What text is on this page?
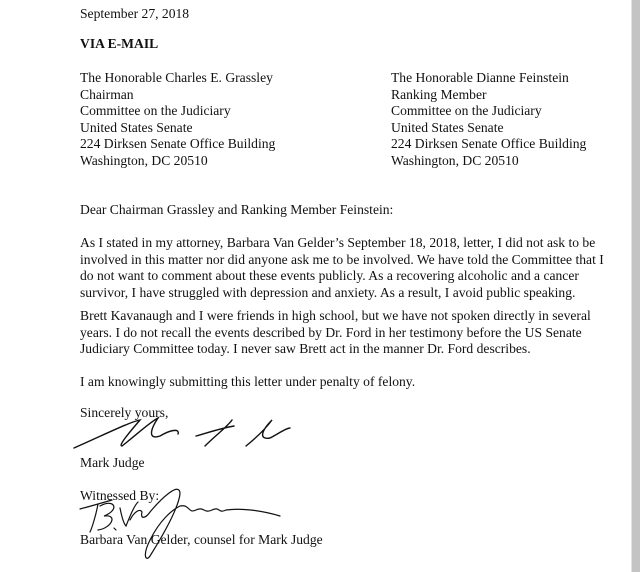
September 27, 2018
VIA E-MAIL
The Honorable Charles E. Grassley
Chairman
Committee on the Judiciary
United States Senate
224 Dirksen Senate Office Building
Washington, DC 20510
The Honorable Dianne Feinstein
Ranking Member
Committee on the Judiciary
United States Senate
224 Dirksen Senate Office Building
Washington, DC 20510
Dear Chairman Grassley and Ranking Member Feinstein:
As I stated in my attorney, Barbara Van Gelder’s September 18, 2018, letter, I did not ask to be
involved in this matter nor did anyone ask me to be involved. We have told the Committee that I
do not want to comment about these events publicly. As a recovering alcoholic and a cancer
survivor, I have struggled with depression and anxiety. As a result, I avoid public speaking.
Brett Kavanaugh and I were friends in high school, but we have not spoken directly in several
years. I do not recall the events described by Dr. Ford in her testimony before the US Senate
Judiciary Committee today. I never saw Brett act in the manner Dr. Ford describes.
I am knowingly submitting this letter under penalty of felony.
Sincerely yours,
Mark Judge
Witnessed By:
Barbara Van Gelder, counsel for Mark Judge
